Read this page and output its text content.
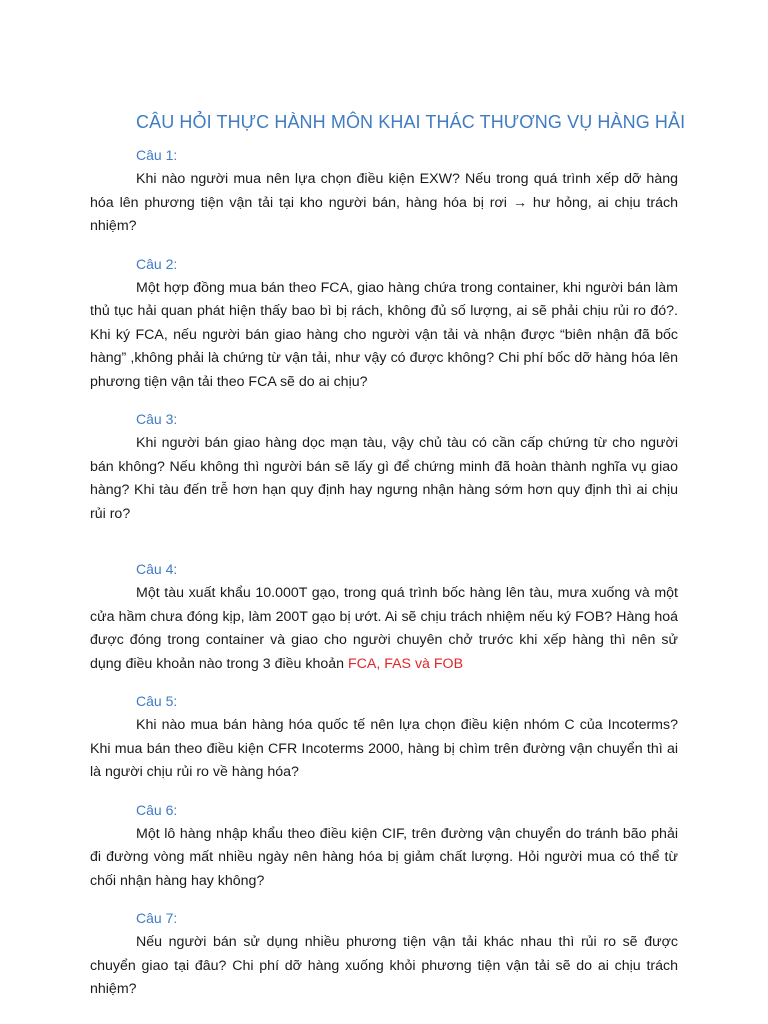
CÂU HỎI THỰC HÀNH MÔN KHAI THÁC THƯƠNG VỤ HÀNG HẢI
Câu 1:
Khi nào người mua nên lựa chọn điều kiện EXW? Nếu trong quá trình xếp dỡ hàng hóa lên phương tiện vận tải tại kho người bán, hàng hóa bị rơi → hư hỏng, ai chịu trách nhiệm?
Câu 2:
Một hợp đồng mua bán theo FCA, giao hàng chứa trong container, khi người bán làm thủ tục hải quan phát hiện thấy bao bì bị rách, không đủ số lượng, ai sẽ phải chịu rủi ro đó?. Khi ký FCA, nếu người bán giao hàng cho người vận tải và nhận được “biên nhận đã bốc hàng” ,không phải là chứng từ vận tải, như vậy có được không? Chi phí bốc dỡ hàng hóa lên phương tiện vận tải theo FCA sẽ do ai chịu?
Câu 3:
Khi người bán giao hàng dọc mạn tàu, vậy chủ tàu có cần cấp chứng từ cho người bán không? Nếu không thì người bán sẽ lấy gì để chứng minh đã hoàn thành nghĩa vụ giao hàng? Khi tàu đến trễ hơn hạn quy định hay ngưng nhận hàng sớm hơn quy định thì ai chịu rủi ro?
Câu 4:
Một tàu xuất khẩu 10.000T gạo, trong quá trình bốc hàng lên tàu, mưa xuống và một cửa hầm chưa đóng kịp, làm 200T gạo bị ướt. Ai sẽ chịu trách nhiệm nếu ký FOB? Hàng hoá được đóng trong container và giao cho người chuyên chở trước khi xếp hàng thì nên sử dụng điều khoản nào trong 3 điều khoản FCA, FAS và FOB
Câu 5:
Khi nào mua bán hàng hóa quốc tế nên lựa chọn điều kiện nhóm C của Incoterms? Khi mua bán theo điều kiện CFR Incoterms 2000, hàng bị chìm trên đường vận chuyển thì ai là người chịu rủi ro về hàng hóa?
Câu 6:
Một lô hàng nhập khẩu theo điều kiện CIF, trên đường vận chuyển do tránh bão phải đi đường vòng mất nhiều ngày nên hàng hóa bị giảm chất lượng. Hỏi người mua có thể từ chối nhận hàng hay không?
Câu 7:
Nếu người bán sử dụng nhiều phương tiện vận tải khác nhau thì rủi ro sẽ được chuyển giao tại đâu? Chi phí dỡ hàng xuống khỏi phương tiện vận tải sẽ do ai chịu trách nhiệm?
